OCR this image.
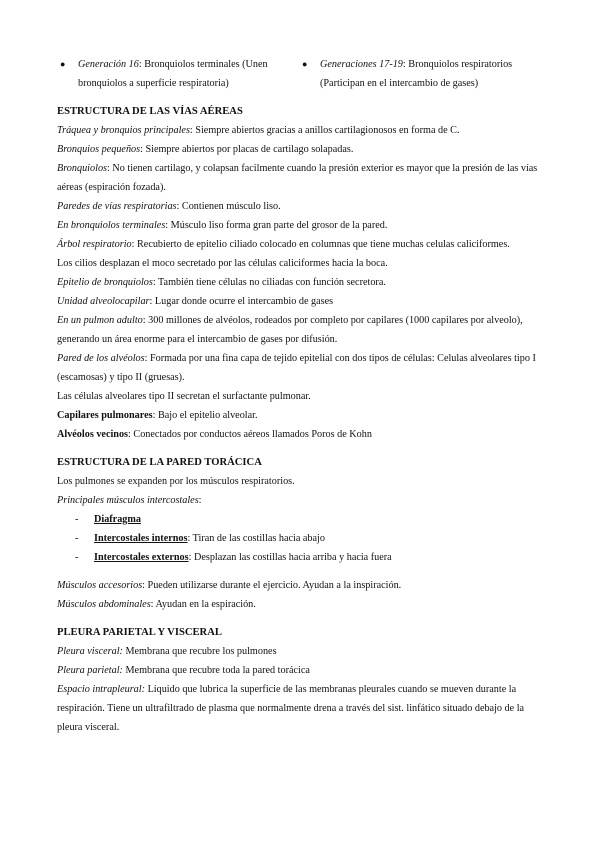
●	Generación 16: Bronquiolos terminales (Unen bronquiolos a superficie respiratoria)
●	Generaciones 17-19: Bronquiolos respiratorios (Participan en el intercambio de gases)

ESTRUCTURA DE LAS VÍAS AÉREAS

Tráquea y bronquios principales: Siempre abiertos gracias a anillos cartilagionosos en forma de C.

Bronquios pequeños: Siempre abiertos por placas de cartilago solapadas.

Bronquiolos: No tienen cartilago, y colapsan facilmente cuando la presión exterior es mayor que la presión de las vías aéreas (espiración fozada).

Paredes de vías respiratorias: Contienen músculo liso.

En bronquiolos terminales: Músculo liso forma gran parte del grosor de la pared.

Árbol respiratorio: Recubierto de epitelio ciliado colocado en columnas que tiene muchas celulas caliciformes.

Los cilios desplazan el moco secretado por las células caliciformes hacia la boca.

Epitelio de bronquiolos: También tiene células no ciliadas con función secretora.

Unidad alveolocapilar: Lugar donde ocurre el intercambio de gases

En un pulmon adulto: 300 millones de alvéolos, rodeados por completo por capilares (1000 capilares por alveolo), generando un área enorme para el intercambio de gases por difusión.

Pared de los alvéolos: Formada por una fina capa de tejido epitelial con dos tipos de células: Celulas alveolares tipo I (escamosas) y tipo II (gruesas).

Las células alveolares tipo II secretan el surfactante pulmonar.

Capilares pulmonares: Bajo el epitelio alveolar.

Alvéolos vecinos: Conectados por conductos aéreos llamados Poros de Kohn

ESTRUCTURA DE LA PARED TORÁCICA

Los pulmones se expanden por los músculos respiratorios.

Principales músculos intercostales:

-	Diafragma
-	Intercostales internos: Tiran de las costillas hacia abajo
-	Intercostales externos: Desplazan las costillas hacia arriba y hacia fuera

Músculos accesorios: Pueden utilizarse durante el ejercicio. Ayudan a la inspiración.

Músculos abdominales: Ayudan en la espiración.

PLEURA PARIETAL Y VISCERAL

Pleura visceral: Membrana que recubre los pulmones

Pleura parietal: Membrana que recubre toda la pared torácica

Espacio intrapleural: Líquido que lubrica la superficie de las membranas pleurales cuando se mueven durante la respiración. Tiene un ultrafiltrado de plasma que normalmente drena a través del sist. linfático situado debajo de la pleura visceral.
